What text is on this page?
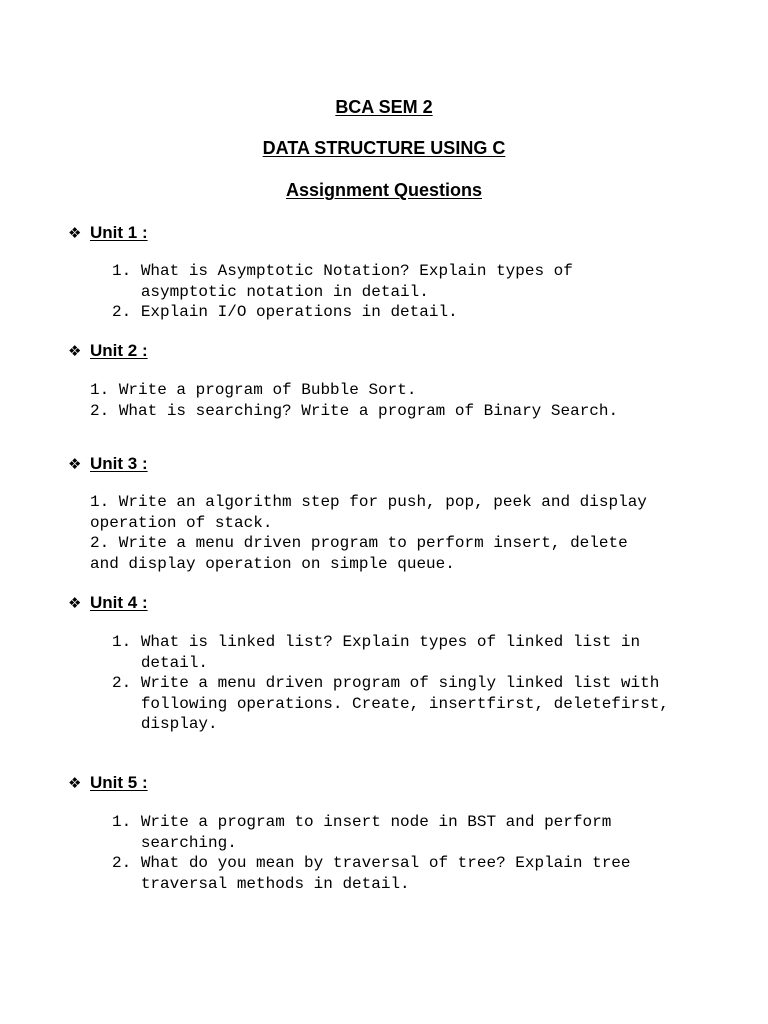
BCA SEM 2
DATA STRUCTURE USING C
Assignment Questions
❖ Unit 1 :
1. What is Asymptotic Notation? Explain types of asymptotic notation in detail.
2. Explain I/O operations in detail.
❖ Unit 2 :
1. Write a program of Bubble Sort.
2. What is searching? Write a program of Binary Search.
❖ Unit 3 :
1. Write an algorithm step for push, pop, peek and display operation of stack.
2. Write a menu driven program to perform insert, delete and display operation on simple queue.
❖ Unit 4 :
1. What is linked list? Explain types of linked list in detail.
2. Write a menu driven program of singly linked list with following operations. Create, insertfirst, deletefirst, display.
❖ Unit 5 :
1. Write a program to insert node in BST and perform searching.
2. What do you mean by traversal of tree? Explain tree traversal methods in detail.
